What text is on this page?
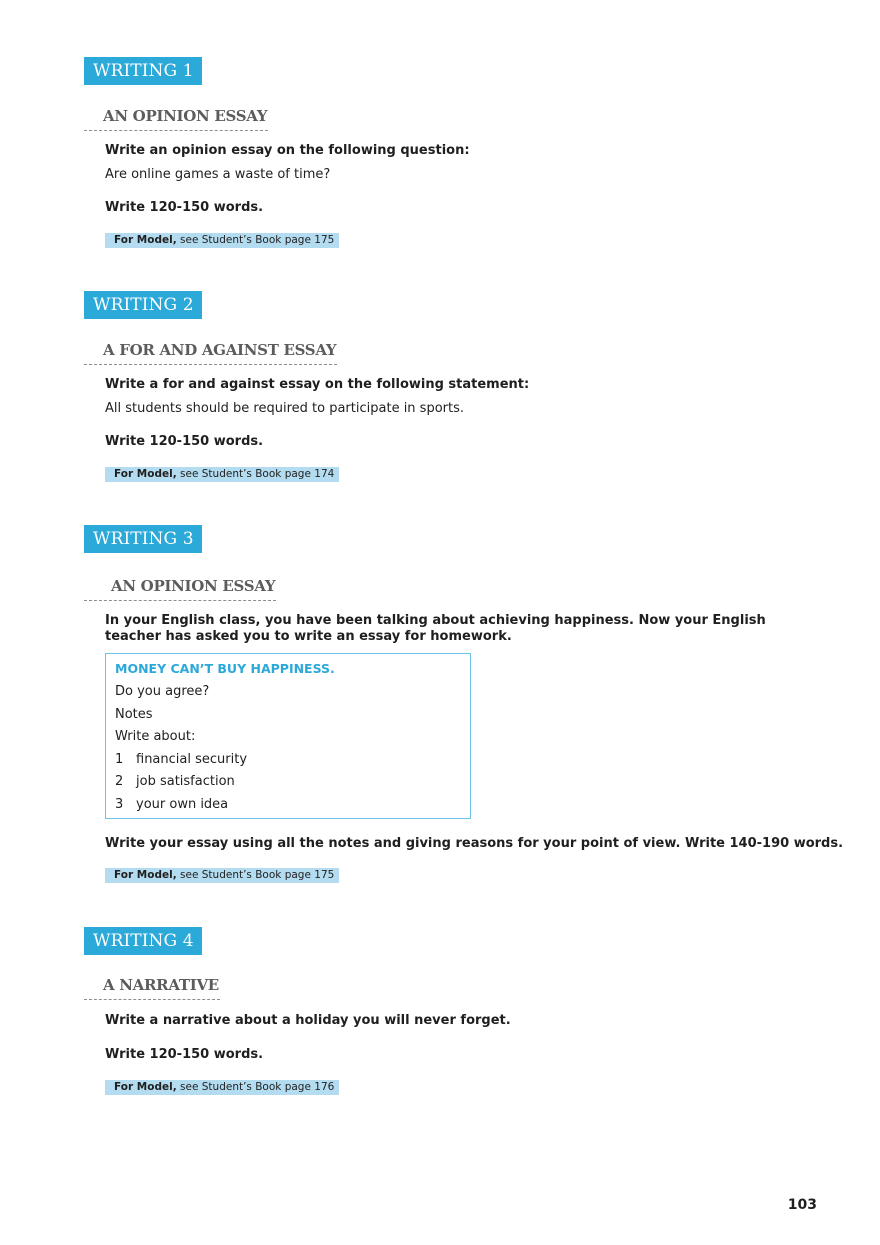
WRITING 1
AN OPINION ESSAY
Write an opinion essay on the following question:
Are online games a waste of time?
Write 120-150 words.
For Model, see Student’s Book page 175
WRITING 2
A FOR AND AGAINST ESSAY
Write a for and against essay on the following statement:
All students should be required to participate in sports.
Write 120-150 words.
For Model, see Student’s Book page 174
WRITING 3
AN OPINION ESSAY
In your English class, you have been talking about achieving happiness. Now your English teacher has asked you to write an essay for homework.
MONEY CAN’T BUY HAPPINESS.
Do you agree?
Notes
Write about:
1 financial security
2 job satisfaction
3 your own idea
Write your essay using all the notes and giving reasons for your point of view. Write 140-190 words.
For Model, see Student’s Book page 175
WRITING 4
A NARRATIVE
Write a narrative about a holiday you will never forget.
Write 120-150 words.
For Model, see Student’s Book page 176
103
